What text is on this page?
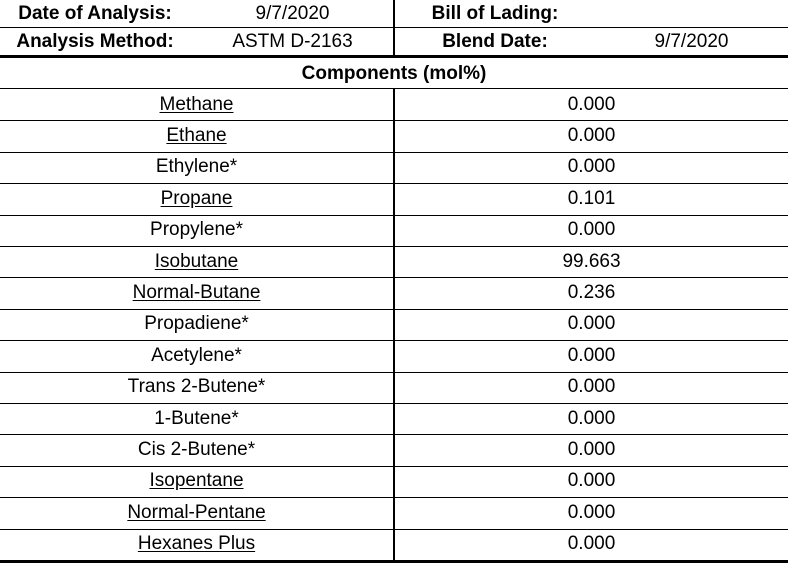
Date of Analysis:	9/7/2020	Bill of Lading:
Analysis Method:	ASTM D-2163	Blend Date:	9/7/2020
Components (mol%)
Methane	0.000
Ethane	0.000
Ethylene*	0.000
Propane	0.101
Propylene*	0.000
Isobutane	99.663
Normal-Butane	0.236
Propadiene*	0.000
Acetylene*	0.000
Trans 2-Butene*	0.000
1-Butene*	0.000
Cis 2-Butene*	0.000
Isopentane	0.000
Normal-Pentane	0.000
Hexanes Plus	0.000
